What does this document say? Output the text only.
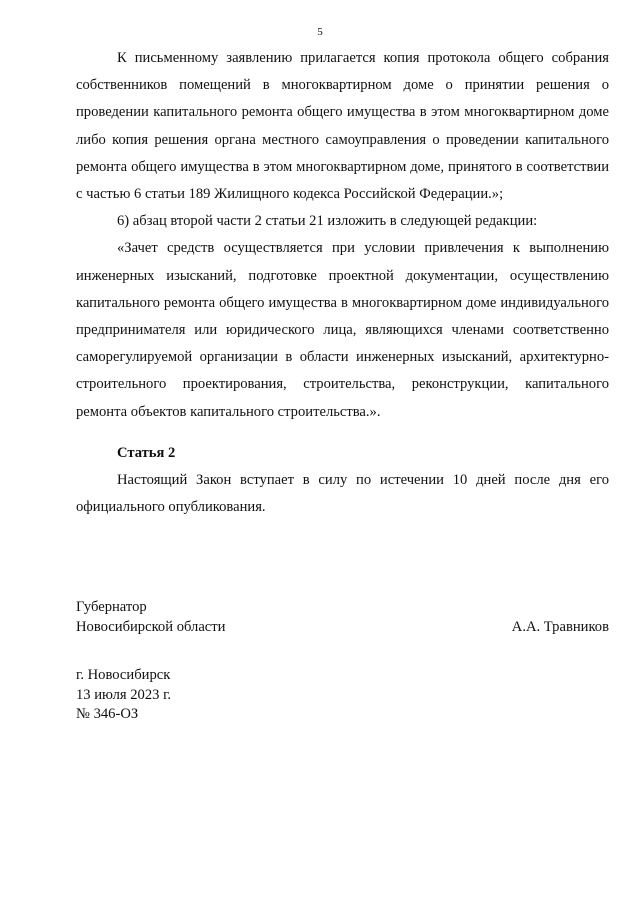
5

К письменному заявлению прилагается копия протокола общего собрания собственников помещений в многоквартирном доме о принятии решения о проведении капитального ремонта общего имущества в этом многоквартирном доме либо копия решения органа местного самоуправления о проведении капитального ремонта общего имущества в этом многоквартирном доме, принятого в соответствии с частью 6 статьи 189 Жилищного кодекса Российской Федерации.»;

6) абзац второй части 2 статьи 21 изложить в следующей редакции:

«Зачет средств осуществляется при условии привлечения к выполнению инженерных изысканий, подготовке проектной документации, осуществлению капитального ремонта общего имущества в многоквартирном доме индивидуального предпринимателя или юридического лица, являющихся членами соответственно саморегулируемой организации в области инженерных изысканий, архитектурно-строительного проектирования, строительства, реконструкции, капитального ремонта объектов капитального строительства.».

Статья 2

Настоящий Закон вступает в силу по истечении 10 дней после дня его официального опубликования.

Губернатор
Новосибирской области	А.А. Травников
г. Новосибирск
13 июля 2023 г.
№ 346-ОЗ
